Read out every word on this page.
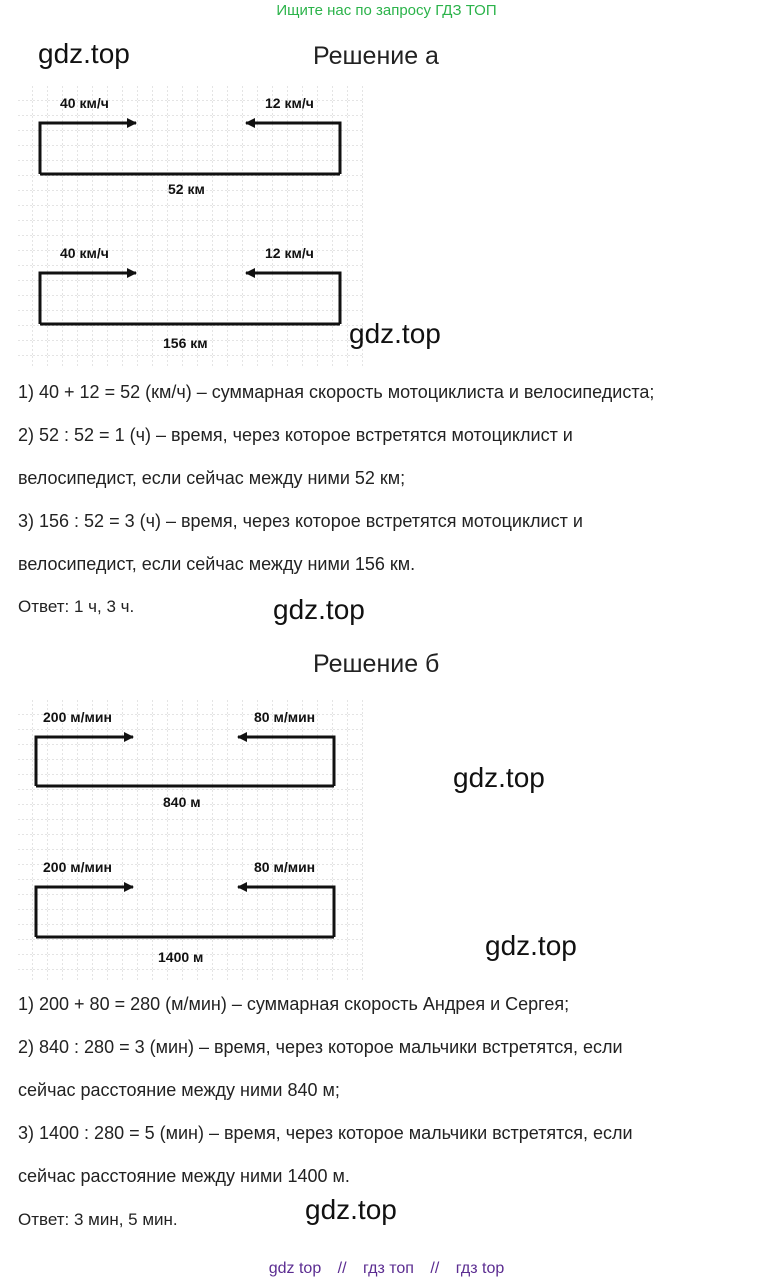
Ищите нас по запросу ГДЗ ТОП
gdz.top	Решение а
40 км/ч	12 км/ч
52 км
40 км/ч	12 км/ч
156 км	gdz.top
1) 40 + 12 = 52 (км/ч) – суммарная скорость мотоциклиста и велосипедиста;
2) 52 : 52 = 1 (ч) – время, через которое встретятся мотоциклист и
велосипедист, если сейчас между ними 52 км;
3) 156 : 52 = 3 (ч) – время, через которое встретятся мотоциклист и
велосипедист, если сейчас между ними 156 км.
Ответ: 1 ч, 3 ч.	gdz.top
Решение б
200 м/мин	80 м/мин
840 м
200 м/мин	80 м/мин
1400 м
gdz.top
gdz.top
1) 200 + 80 = 280 (м/мин) – суммарная скорость Андрея и Сергея;
2) 840 : 280 = 3 (мин) – время, через которое мальчики встретятся, если
сейчас расстояние между ними 840 м;
3) 1400 : 280 = 5 (мин) – время, через которое мальчики встретятся, если
сейчас расстояние между ними 1400 м.
Ответ: 3 мин, 5 мин.	gdz.top
gdz top // гдз топ // гдз top
